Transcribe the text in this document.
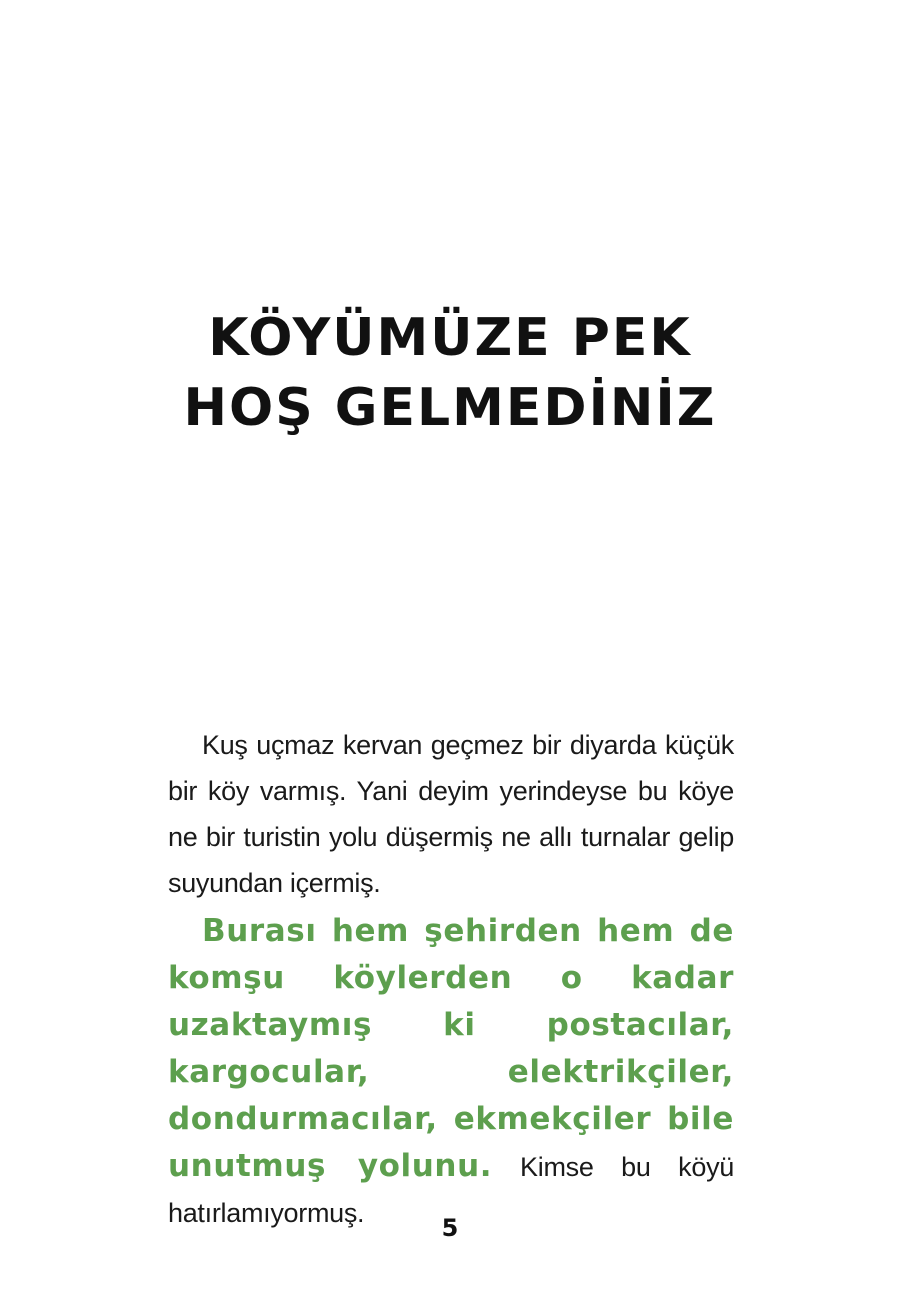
KÖYÜMÜZE PEK
HOŞ GELMEDİNİZ

Kuş uçmaz kervan geçmez bir diyarda küçük bir köy varmış. Yani deyim yerindeyse bu köye ne bir turistin yolu düşermiş ne allı turnalar gelip suyundan içermiş.

Burası hem şehirden hem de komşu köylerden o kadar uzaktaymış ki postacılar, kargocular, elektrikçiler, dondurmacılar, ekmekçiler bile unutmuş yolunu. Kimse bu köyü hatırlamıyormuş.	5
